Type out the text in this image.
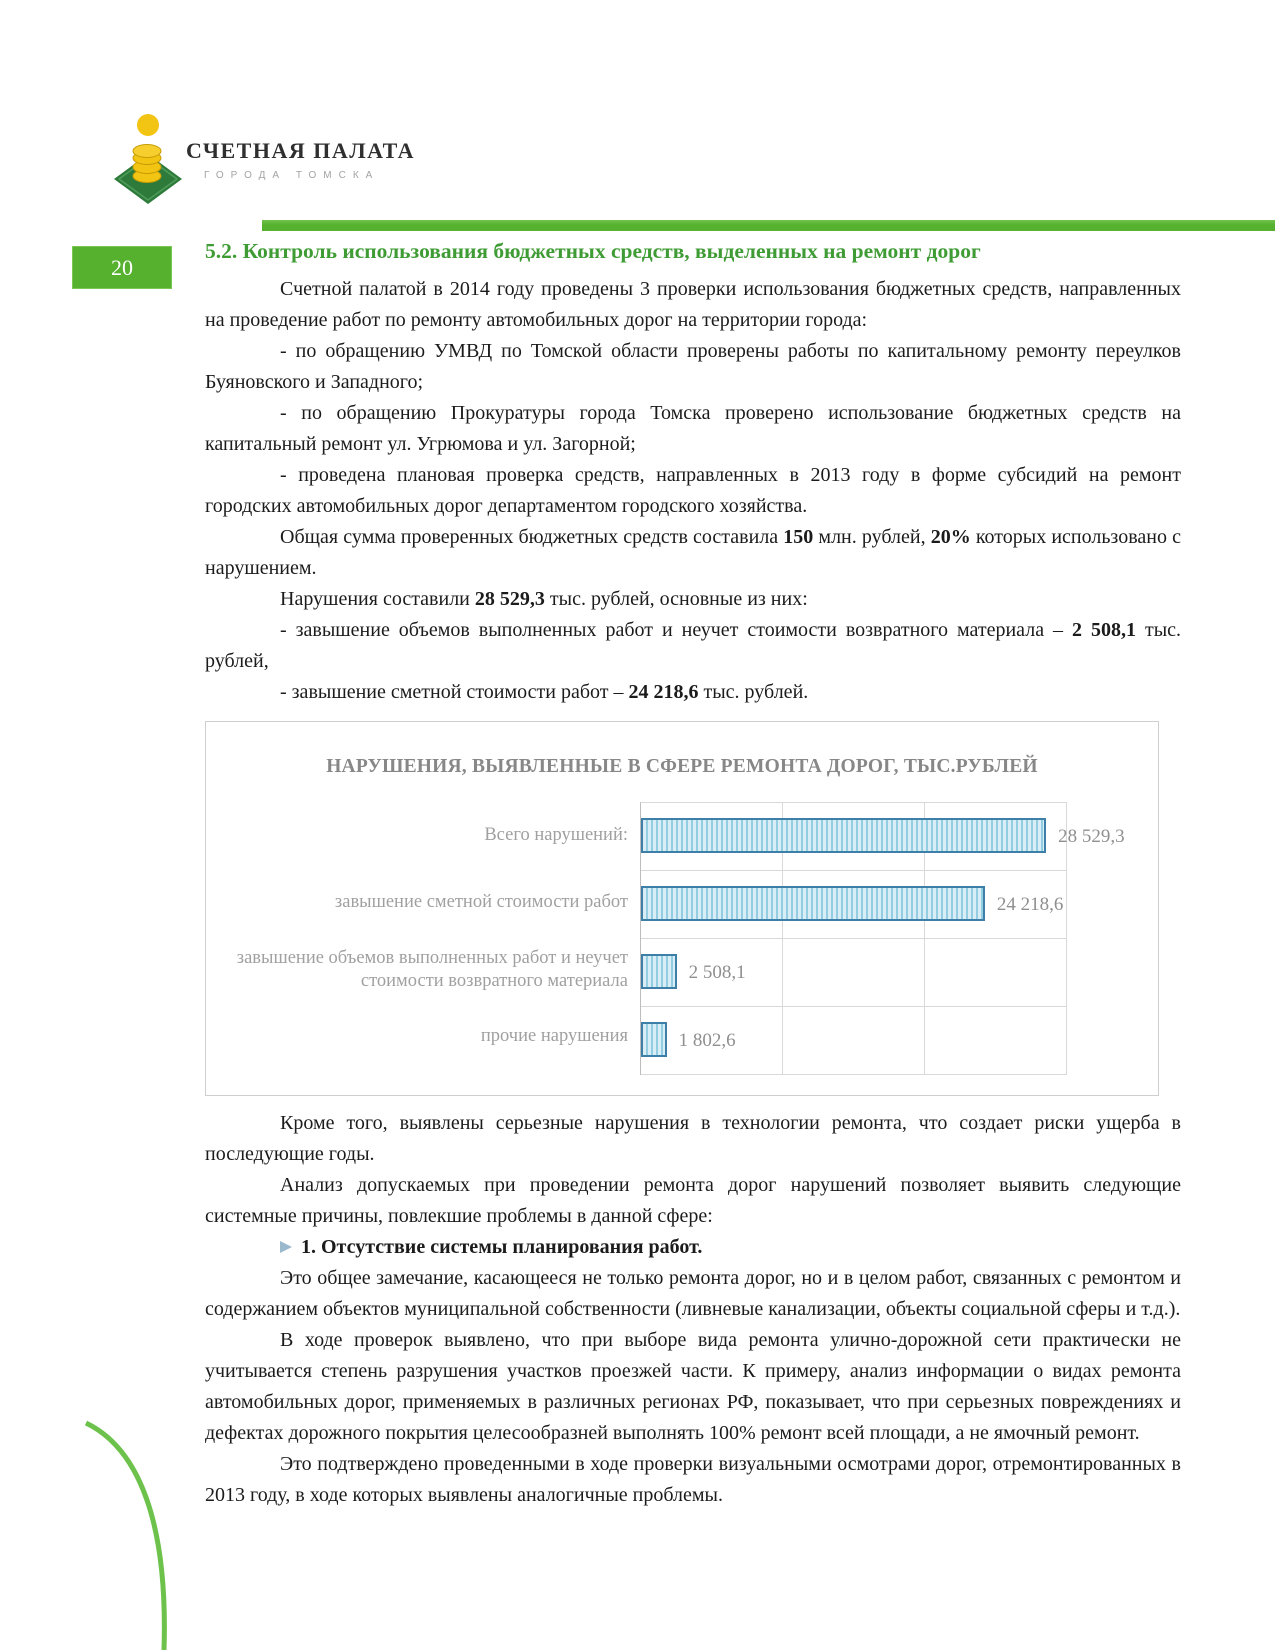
СЧЕТНАЯ ПАЛАТА
ГОРОДА ТОМСКА
20

5.2. Контроль использования бюджетных средств, выделенных на ремонт дорог

Счетной палатой в 2014 году проведены 3 проверки использования бюджетных средств, направленных на проведение работ по ремонту автомобильных дорог на территории города:

- по обращению УМВД по Томской области проверены работы по капитальному ремонту переулков Буяновского и Западного;

- по обращению Прокуратуры города Томска проверено использование бюджетных средств на капитальный ремонт ул. Угрюмова и ул. Загорной;

- проведена плановая проверка средств, направленных в 2013 году в форме субсидий на ремонт городских автомобильных дорог департаментом городского хозяйства.

Общая сумма проверенных бюджетных средств составила 150 млн. рублей, 20% которых использовано с нарушением.

Нарушения составили 28 529,3 тыс. рублей, основные из них:

- завышение объемов выполненных работ и неучет стоимости возвратного материала – 2 508,1 тыс. рублей,

- завышение сметной стоимости работ – 24 218,6 тыс. рублей.

НАРУШЕНИЯ, ВЫЯВЛЕННЫЕ В СФЕРЕ РЕМОНТА ДОРОГ, ТЫС.РУБЛЕЙ
Всего нарушений:
завышение сметной стоимости работ
завышение объемов выполненных работ и неучет стоимости возвратного материала
прочие нарушения
28 529,3
24 218,6
2 508,1
1 802,6

Кроме того, выявлены серьезные нарушения в технологии ремонта, что создает риски ущерба в последующие годы.

Анализ допускаемых при проведении ремонта дорог нарушений позволяет выявить следующие системные причины, повлекшие проблемы в данной сфере:

1. Отсутствие системы планирования работ.

Это общее замечание, касающееся не только ремонта дорог, но и в целом работ, связанных с ремонтом и содержанием объектов муниципальной собственности (ливневые канализации, объекты социальной сферы и т.д.).

В ходе проверок выявлено, что при выборе вида ремонта улично-дорожной сети практически не учитывается степень разрушения участков проезжей части. К примеру, анализ информации о видах ремонта автомобильных дорог, применяемых в различных регионах РФ, показывает, что при серьезных повреждениях и дефектах дорожного покрытия целесообразней выполнять 100% ремонт всей площади, а не ямочный ремонт.

Это подтверждено проведенными в ходе проверки визуальными осмотрами дорог, отремонтированных в 2013 году, в ходе которых выявлены аналогичные проблемы.
